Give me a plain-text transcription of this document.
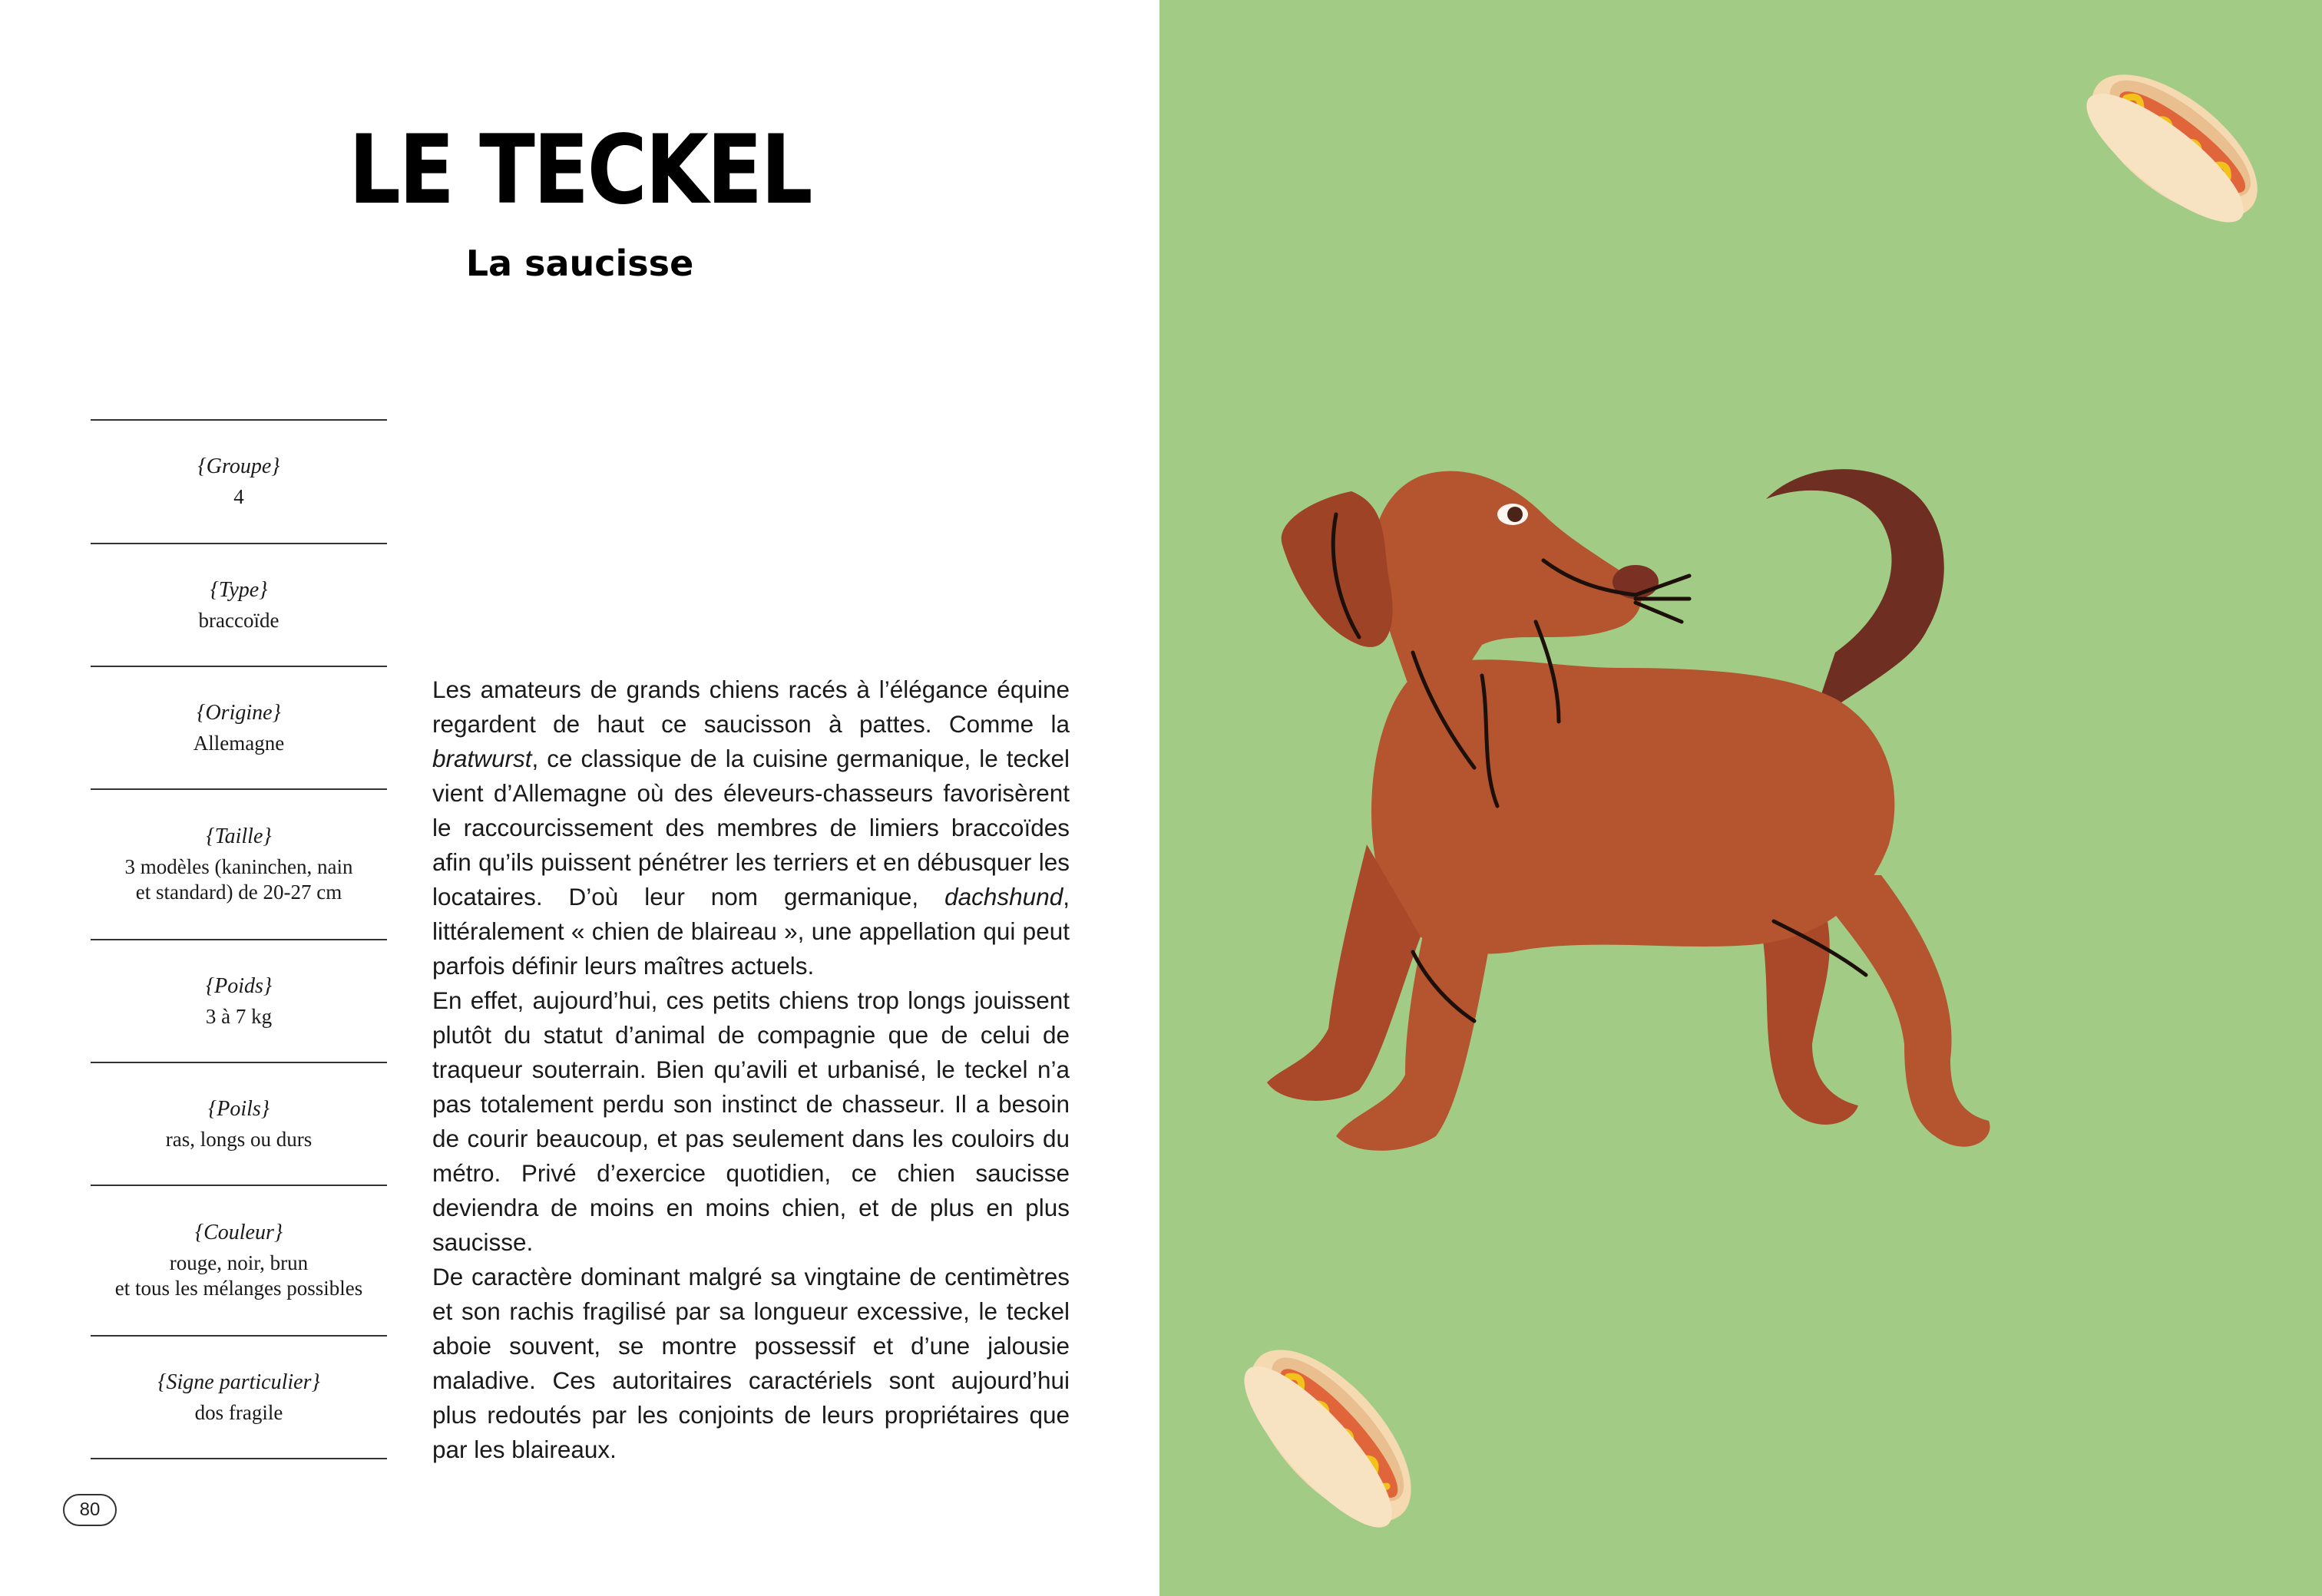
LE TECKEL
La saucisse
{Groupe}
4
{Type}
braccoïde
{Origine}
Allemagne
{Taille}
3 modèles (kaninchen, nain
et standard) de 20-27 cm
{Poids}
3 à 7 kg
{Poils}
ras, longs ou durs
{Couleur}
rouge, noir, brun
et tous les mélanges possibles
{Signe particulier}
dos fragile

Les amateurs de grands chiens racés à l’élégance équine regardent de haut ce saucisson à pattes. Comme la bratwurst, ce classique de la cuisine germanique, le teckel vient d’Allemagne où des éleveurs-chasseurs favorisèrent le raccourcissement des membres de limiers braccoïdes afin qu’ils puissent pénétrer les terriers et en débusquer les locataires. D’où leur nom germanique, dachshund, littéralement « chien de blaireau », une appellation qui peut parfois définir leurs maîtres actuels.

En effet, aujourd’hui, ces petits chiens trop longs jouissent plutôt du statut d’animal de compagnie que de celui de traqueur souterrain. Bien qu’avili et urbanisé, le teckel n’a pas totalement perdu son instinct de chasseur. Il a besoin de courir beaucoup, et pas seulement dans les couloirs du métro. Privé d’exercice quotidien, ce chien saucisse deviendra de moins en moins chien, et de plus en plus saucisse.

De caractère dominant malgré sa vingtaine de centimètres et son rachis fragilisé par sa longueur excessive, le teckel aboie souvent, se montre possessif et d’une jalousie maladive. Ces autoritaires caractériels sont aujourd’hui plus redoutés par les conjoints de leurs propriétaires que par les blaireaux.

80
